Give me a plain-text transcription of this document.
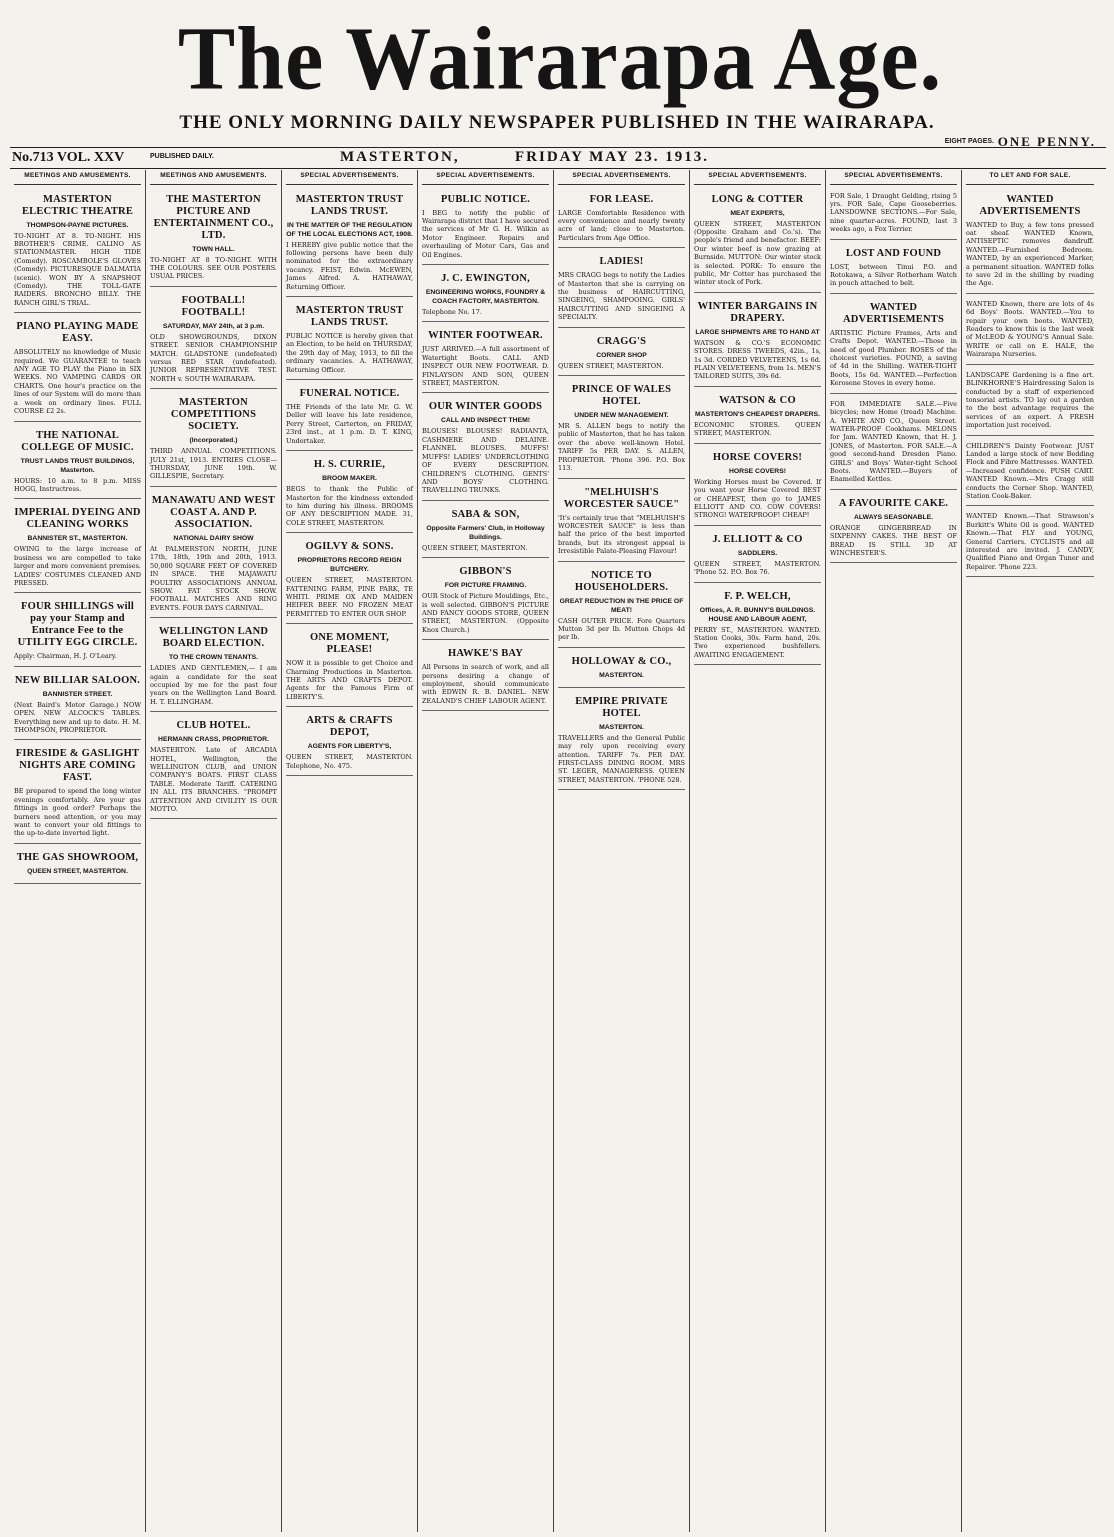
The Wairarapa Age.
THE ONLY MORNING DAILY NEWSPAPER PUBLISHED IN THE WAIRARAPA.
EIGHT PAGES. ONE PENNY.
No.713 VOL. XXV	PUBLISHED DAILY.	MASTERTON,	FRIDAY MAY 23. 1913.
MEETINGS AND AMUSEMENTS.
MASTERTON ELECTRIC THEATRE
THOMPSON-PAYNE PICTURES.
TO-NIGHT AT 8. TO-NIGHT. HIS BROTHER'S CRIME. CALINO AS STATIONMASTER. HIGH TIDE (Comedy). ROSCAMBOLE'S GLOVES (Comedy). PICTURESQUE DALMATIA (scenic). WON BY A SNAPSHOT (Comedy). THE TOLL-GATE RAIDERS. BRONCHO BILLY. THE RANCH GIRL'S TRIAL.
PIANO PLAYING MADE EASY.
ABSOLUTELY no knowledge of Music required. We GUARANTEE to teach ANY AGE TO PLAY the Piano in SIX WEEKS. NO VAMPING CARDS OR CHARTS. One hour's practice on the lines of our System will do more than a week on ordinary lines. FULL COURSE £2 2s.
THE NATIONAL COLLEGE OF MUSIC.
TRUST LANDS TRUST BUILDINGS, Masterton.
HOURS: 10 a.m. to 8 p.m. MISS HOGG, Instructress.
IMPERIAL DYEING AND CLEANING WORKS
BANNISTER ST., MASTERTON.
OWING to the large increase of business we are compelled to take larger and more convenient premises. LADIES' COSTUMES CLEANED AND PRESSED.
FOUR SHILLINGS will pay your Stamp and Entrance Fee to the UTILITY EGG CIRCLE.
Apply: Chairman, H. J. O'Leary.
NEW BILLIAR SALOON.
BANNISTER STREET.
(Next Baird's Motor Garage.) NOW OPEN. NEW ALCOCK'S TABLES. Everything new and up to date. H. M. THOMPSON, PROPRIETOR.
FIRESIDE & GASLIGHT NIGHTS ARE COMING FAST.
BE prepared to spend the long winter evenings comfortably. Are your gas fittings in good order? Perhaps the burners need attention, or you may want to convert your old fittings to the up-to-date inverted light.
THE GAS SHOWROOM,
QUEEN STREET, MASTERTON.
MEETINGS AND AMUSEMENTS.
THE MASTERTON PICTURE AND ENTERTAINMENT CO., LTD.
TOWN HALL.
TO-NIGHT AT 8 TO-NIGHT. WITH THE COLOURS. SEE OUR POSTERS. USUAL PRICES.
FOOTBALL! FOOTBALL!
SATURDAY, MAY 24th, at 3 p.m.
OLD SHOWGROUNDS, DIXON STREET. SENIOR CHAMPIONSHIP MATCH. GLADSTONE (undefeated) versus RED STAR (undefeated). JUNIOR REPRESENTATIVE TEST. NORTH v. SOUTH WAIRARAPA.
MASTERTON COMPETITIONS SOCIETY.
(Incorporated.)
THIRD ANNUAL COMPETITIONS. JULY 21st, 1913. ENTRIES CLOSE—THURSDAY, JUNE 19th. W. GILLESPIE, Secretary.
MANAWATU AND WEST COAST A. AND P. ASSOCIATION.
NATIONAL DAIRY SHOW
At PALMERSTON NORTH, JUNE 17th, 18th, 19th and 20th, 1913. 50,000 SQUARE FEET OF COVERED IN SPACE. THE MAJAWATU POULTRY ASSOCIATIONS ANNUAL SHOW. FAT STOCK SHOW. FOOTBALL MATCHES AND RING EVENTS. FOUR DAYS CARNIVAL.
WELLINGTON LAND BOARD ELECTION.
TO THE CROWN TENANTS.
LADIES AND GENTLEMEN,— I am again a candidate for the seat occupied by me for the past four years on the Wellington Land Board. H. T. ELLINGHAM.
CLUB HOTEL.
HERMANN CRASS, PROPRIETOR.
MASTERTON. Late of ARCADIA HOTEL, Wellington, the WELLINGTON CLUB, and UNION COMPANY'S BOATS. FIRST CLASS TABLE. Moderate Tariff. CATERING IN ALL ITS BRANCHES. "PROMPT ATTENTION AND CIVILITY IS OUR MOTTO.
SPECIAL ADVERTISEMENTS.
MASTERTON TRUST LANDS TRUST.
IN THE MATTER OF THE REGULATION OF THE LOCAL ELECTIONS ACT, 1908.
I HEREBY give public notice that the following persons have been duly nominated for the extraordinary vacancy. FEIST, Edwin. McEWEN, James Alfred. A. HATHAWAY, Returning Officer.
MASTERTON TRUST LANDS TRUST.
PUBLIC NOTICE is hereby given that an Election, to be held on THURSDAY, the 29th day of May, 1913, to fill the ordinary vacancies. A. HATHAWAY, Returning Officer.
FUNERAL NOTICE.
THE Friends of the late Mr. G. W. Deller will leave his late residence, Perry Street, Carterton, on FRIDAY, 23rd inst., at 1 p.m. D. T. KING, Undertaker.
H. S. CURRIE,
BROOM MAKER.
BEGS to thank the Public of Masterton for the kindness extended to him during his illness. BROOMS OF ANY DESCRIPTION MADE. 31, COLE STREET, MASTERTON.
OGILVY & SONS.
PROPRIETORS RECORD REIGN BUTCHERY.
QUEEN STREET, MASTERTON. FATTENING FARM, PINE PARK, TE WHITI. PRIME OX AND MAIDEN HEIFER BEEF. NO FROZEN MEAT PERMITTED TO ENTER OUR SHOP.
ONE MOMENT, PLEASE!
NOW it is possible to get Choice and Charming Productions in Masterton. THE ARTS AND CRAFTS DEPOT. Agents for the Famous Firm of LIBERTY'S.
ARTS & CRAFTS DEPOT,
AGENTS FOR LIBERTY'S,
QUEEN STREET, MASTERTON. Telephone, No. 475.
SPECIAL ADVERTISEMENTS.
PUBLIC NOTICE.
I BEG to notify the public of Wairarapa district that I have secured the services of Mr G. H. Wilkin as Motor Engineer. Repairs and overhauling of Motor Cars, Gas and Oil Engines.
J. C. EWINGTON,
ENGINEERING WORKS, FOUNDRY & COACH FACTORY, MASTERTON.
Telephone No. 17.
WINTER FOOTWEAR.
JUST ARRIVED.—A full assortment of Watertight Boots. CALL AND INSPECT OUR NEW FOOTWEAR. D. FINLAYSON AND SON, QUEEN STREET, MASTERTON.
OUR WINTER GOODS
CALL AND INSPECT THEM!
BLOUSES! BLOUSES! RADIANTA, CASHMERE AND DELAINE. FLANNEL BLOUSES. MUFFS! MUFFS! LADIES' UNDERCLOTHING OF EVERY DESCRIPTION. CHILDREN'S CLOTHING. GENTS' AND BOYS' CLOTHING. TRAVELLING TRUNKS.
SABA & SON,
Opposite Farmers' Club, in Holloway Buildings.
QUEEN STREET, MASTERTON.
GIBBON'S
FOR PICTURE FRAMING.
OUR Stock of Picture Mouldings, Etc., is well selected. GIBBON'S PICTURE AND FANCY GOODS STORE, QUEEN STREET, MASTERTON. (Opposite Knox Church.)
HAWKE'S BAY
All Persons in search of work, and all persons desiring a change of employment, should communicate with EDWIN R. B. DANIEL. NEW ZEALAND'S CHIEF LABOUR AGENT.
SPECIAL ADVERTISEMENTS.
FOR LEASE.
LARGE Comfortable Residence with every convenience and nearly twenty acre of land; close to Masterton. Particulars from Age Office.
LADIES!
MRS CRAGG begs to notify the Ladies of Masterton that she is carrying on the business of HAIRCUTTING, SINGEING, SHAMPOOING. GIRLS' HAIRCUTTING AND SINGEING A SPECIALTY.
CRAGG'S
CORNER SHOP
QUEEN STREET, MASTERTON.
PRINCE OF WALES HOTEL
UNDER NEW MANAGEMENT.
MR S. ALLEN begs to notify the public of Masterton, that he has taken over the above well-known Hotel. TARIFF 5s PER DAY. S. ALLEN, PROPRIETOR. 'Phone 396. P.O. Box 113.
"MELHUISH'S WORCESTER SAUCE"
'It's certainly true that "MELHUISH'S WORCESTER SAUCE" is less than half the price of the best imported brands, but its strongest appeal is Irresistible Palate-Pleasing Flavour!
NOTICE TO HOUSEHOLDERS.
GREAT REDUCTION IN THE PRICE OF MEAT!
CASH OUTER PRICE. Fore Quarters Mutton 3d per lb. Mutton Chops 4d per lb.
HOLLOWAY & CO.,
MASTERTON.
EMPIRE PRIVATE HOTEL
MASTERTON.
TRAVELLERS and the General Public may rely upon receiving every attention. TARIFF 7s. PER DAY. FIRST-CLASS DINING ROOM. MRS ST. LEGER, MANAGERESS. QUEEN STREET, MASTERTON. 'PHONE 528.
SPECIAL ADVERTISEMENTS.
LONG & COTTER
MEAT EXPERTS,
QUEEN STREET, MASTERTON (Opposite Graham and Co.'s). The people's friend and benefactor. BEEF: Our winter beef is now grazing at Burnside. MUTTON: Our winter stock is selected. PORK: To ensure the public, Mr Cotter has purchased the winter stock of Pork.
WINTER BARGAINS IN DRAPERY.
LARGE SHIPMENTS ARE TO HAND AT
WATSON & CO.'S ECONOMIC STORES. DRESS TWEEDS, 42in., 1s, 1s 3d. CORDED VELVETEENS, 1s 6d. PLAIN VELVETEENS, from 1s. MEN'S TAILORED SUITS, 39s 6d.
WATSON & CO
MASTERTON'S CHEAPEST DRAPERS.
ECONOMIC STORES. QUEEN STREET, MASTERTON.
HORSE COVERS!
HORSE COVERS!
Working Horses must be Covered. If you want your Horse Covered BEST or CHEAPEST, then go to JAMES ELLIOTT AND CO. COW COVERS! STRONG! WATERPROOF! CHEAP!
J. ELLIOTT & CO
SADDLERS.
QUEEN STREET, MASTERTON. 'Phone 52. P.O. Box 76.
F. P. WELCH,
Offices, A. R. BUNNY'S BUILDINGS. HOUSE AND LABOUR AGENT,
PERRY ST., MASTERTON. WANTED. Station Cooks, 30s. Farm hand, 20s. Two experienced bushfellers. AWAITING ENGAGEMENT.
SPECIAL ADVERTISEMENTS.
FOR Sale, 1 Draught Gelding, rising 5 yrs. FOR Sale, Cape Gooseberries. LANSDOWNE SECTIONS.—For Sale, nine quarter-acres. FOUND, last 3 weeks ago, a Fox Terrier.
LOST AND FOUND
LOST, between Tinui P.O. and Rotokawa, a Silver Rotherham Watch in pouch attached to belt.
WANTED ADVERTISEMENTS
ARTISTIC Picture Frames, Arts and Crafts Depot. WANTED.—Those in need of good Plumber. ROSES of the choicest varieties. FOUND, a saving of 4d in the Shilling. WATER-TIGHT Boots, 15s 6d. WANTED.—Perfection Kerosene Stoves in every home.
FOR IMMEDIATE SALE.—Five bicycles; new Home (tread) Machine. A. WHITE AND CO., Queen Street. WATER-PROOF Cookhams. MELONS for Jam. WANTED Known, that H. J. JONES, of Masterton. FOR SALE.—A good second-hand Dresden Piano. GIRLS' and Boys' Water-tight School Boots. WANTED.—Buyers of Enamelled Kettles.
A FAVOURITE CAKE.
ALWAYS SEASONABLE.
ORANGE GINGERBREAD IN SIXPENNY CAKES. THE BEST OF BREAD IS STILL 3D AT WINCHESTER'S.
TO LET AND FOR SALE.
WANTED ADVERTISEMENTS
WANTED to Buy, a few tons pressed oat sheaf. WANTED Known, ANTISEPTIC removes dandruff. WANTED.—Furnished Bedroom. WANTED, by an experienced Marker, a permanent situation. WANTED folks to save 2d in the shilling by reading the Age.
WANTED Known, there are lots of 4s 6d Boys' Boots. WANTED.—You to repair your own boots. WANTED, Readers to know this is the last week of McLEOD & YOUNG'S Annual Sale. WRITE or call on E. HALE, the Wairarapa Nurseries.
LANDSCAPE Gardening is a fine art. BLINKHORNE'S Hairdressing Salon is conducted by a staff of experienced tonsorial artists. TO lay out a garden to the best advantage requires the services of an expert. A FRESH importation just received.
CHILDREN'S Dainty Footwear. JUST Landed a large stock of new Bedding Flock and Fibre Mattresses. WANTED.—Increased confidence. PUSH CART. WANTED Known.—Mrs Cragg still conducts the Corner Shop. WANTED, Station Cook-Baker.
WANTED Known.—That Strawson's Burkitt's White Oil is good. WANTED Known.—That FLY and YOUNG, General Carriers. CYCLISTS and all interested are invited. J. CANDY, Qualified Piano and Organ Tuner and Repairer. 'Phone 223.
